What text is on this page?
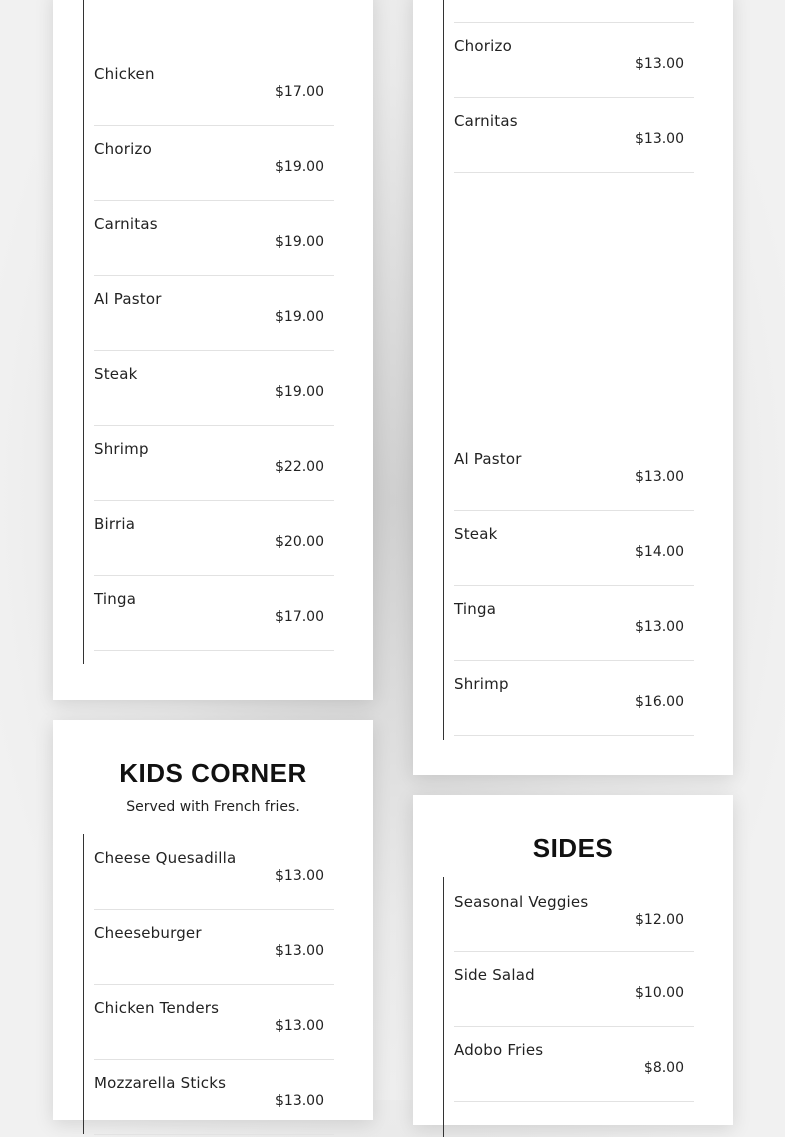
Chicken
$17.00
Chorizo
$19.00
Carnitas
$19.00
Al Pastor
$19.00
Steak
$19.00
Shrimp
$22.00
Birria
$20.00
Tinga
$17.00
Chorizo
$13.00
Carnitas
$13.00
Al Pastor
$13.00
Steak
$14.00
Tinga
$13.00
Shrimp
$16.00
KIDS CORNER
Served with French fries.
Cheese Quesadilla
$13.00
Cheeseburger
$13.00
Chicken Tenders
$13.00
Mozzarella Sticks
$13.00
SIDES
Seasonal Veggies
$12.00
Side Salad
$10.00
Adobo Fries
$8.00
